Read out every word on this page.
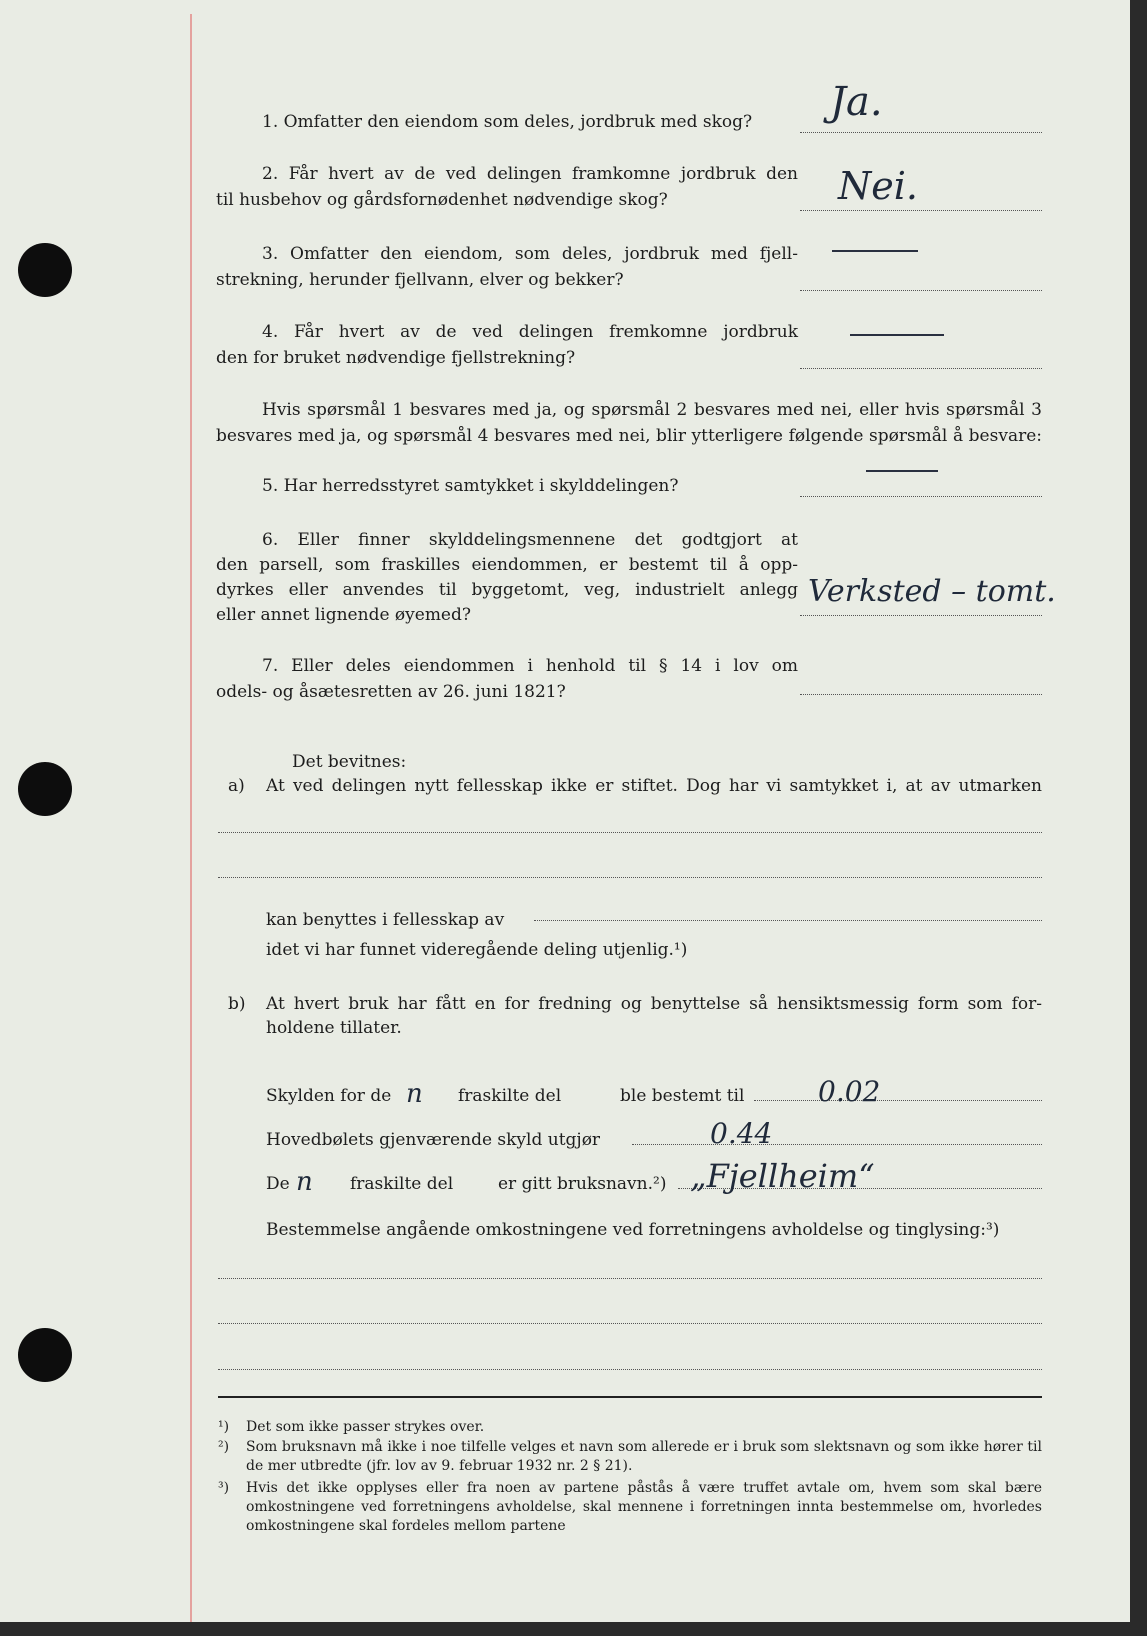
1. Omfatter den eiendom som deles, jordbruk med skog? Ja.
2. Får hvert av de ved delingen framkomne jordbruk den
til husbehov og gårdsfornødenhet nødvendige skog?	Nei.
3. Omfatter den eiendom, som deles, jordbruk med fjell‐
strekning, herunder fjellvann, elver og bekker?
4. Får hvert av de ved delingen fremkomne jordbruk
den for bruket nødvendige fjellstrekning?
Hvis spørsmål 1 besvares med ja, og spørsmål 2 besvares med nei, eller hvis spørsmål 3
besvares med ja, og spørsmål 4 besvares med nei, blir ytterligere følgende spørsmål å besvare:
5. Har herredsstyret samtykket i skylddelingen?
6. Eller finner skylddelingsmennene det godtgjort at
den parsell, som fraskilles eiendommen, er bestemt til å opp‐
dyrkes eller anvendes til byggetomt, veg, industrielt anlegg
eller annet lignende øyemed?
Verksted – tomt.
7. Eller deles eiendommen i henhold til § 14 i lov om
odels‐ og åsætesretten av 26. juni 1821?
Det bevitnes:
a) At ved delingen nytt fellesskap ikke er stiftet. Dog har vi samtykket i, at av utmarken
kan benyttes i fellesskap av
idet vi har funnet videregående deling utjenlig.¹)
b) At hvert bruk har fått en for fredning og benyttelse så hensiktsmessig form som for‐
holdene tillater.
Skylden for de n fraskilte del	ble bestemt til	0.02
Hovedbølets gjenværende skyld utgjør	0.44
De n fraskilte del	er gitt bruksnavn.²) „Fjellheim“
Bestemmelse angående omkostningene ved forretningens avholdelse og tinglysing:³)
¹) Det som ikke passer strykes over.
²) Som bruksnavn må ikke i noe tilfelle velges et navn som allerede er i bruk som slektsnavn og som ikke hører til de mer utbredte (jfr. lov av 9. februar 1932 nr. 2 § 21).
³) Hvis det ikke opplyses eller fra noen av partene påstås å være truffet avtale om, hvem som skal bære omkostningene ved forretningens avholdelse, skal mennene i forretningen innta bestemmelse om, hvorledes omkostningene skal fordeles mellom partene
